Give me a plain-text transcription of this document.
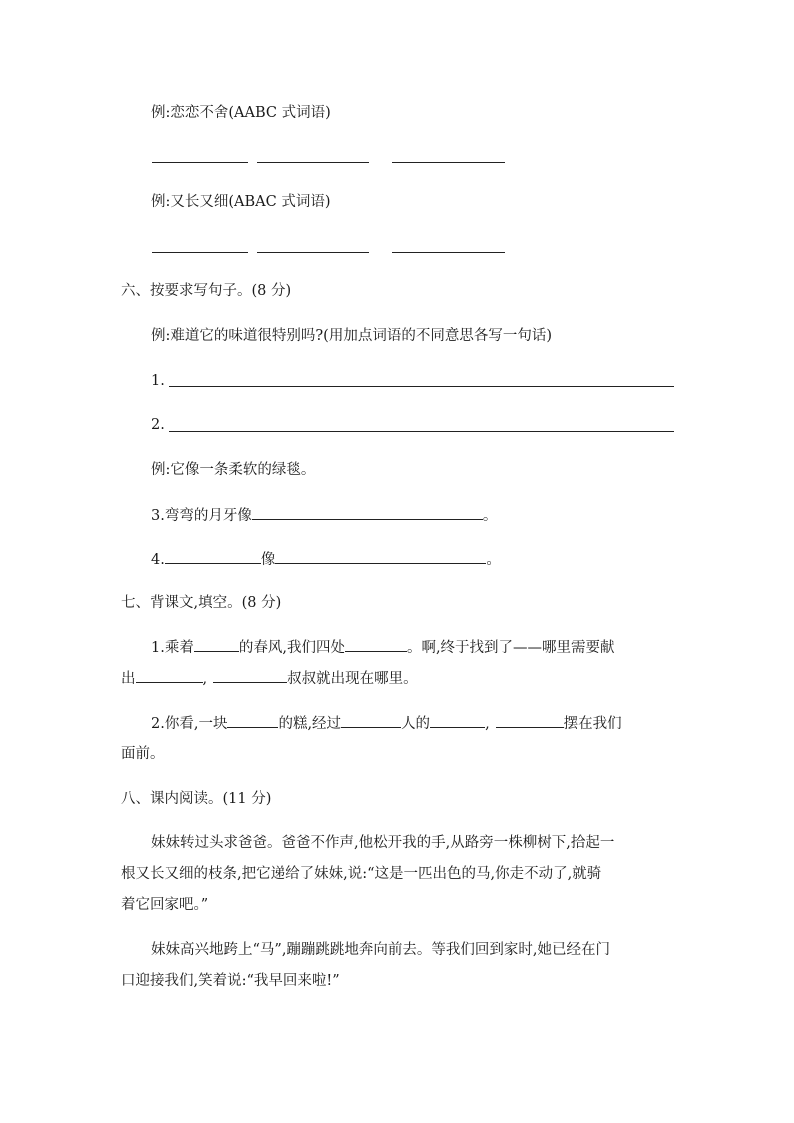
例:恋恋不舍(AABC 式词语)
例:又长又细(ABAC 式词语)
六、按要求写句子。(8 分)
例:难道它的味道很特别吗?(用加点词语的不同意思各写一句话)
1.
2.
例:它像一条柔软的绿毯。
3.弯弯的月牙像	。
4.	像	。
七、背课文,填空。(8 分)
1.乘着	的春风,我们四处	。啊,终于找到了——哪里需要献
出	,	叔叔就出现在哪里。
2.你看,一块	的糕,经过	人的	,	摆在我们
面前。
八、课内阅读。(11 分)
妹妹转过头求爸爸。爸爸不作声,他松开我的手,从路旁一株柳树下,拾起一
根又长又细的枝条,把它递给了妹妹,说:“这是一匹出色的马,你走不动了,就骑
着它回家吧。”
妹妹高兴地跨上“马”,蹦蹦跳跳地奔向前去。等我们回到家时,她已经在门
口迎接我们,笑着说:“我早回来啦!”
